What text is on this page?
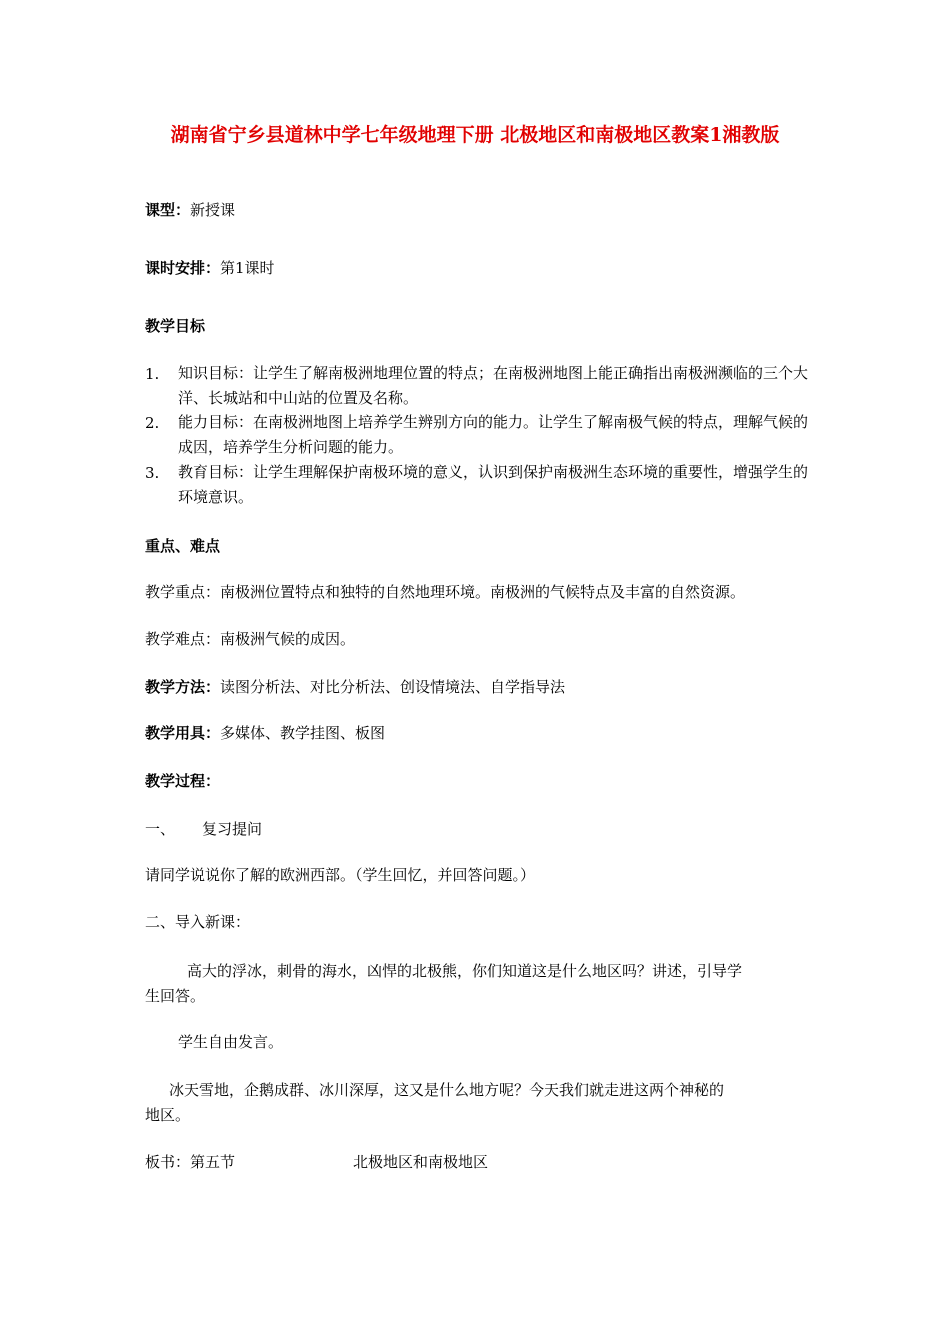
湖南省宁乡县道林中学七年级地理下册 北极地区和南极地区教案1湘教版
课型：新授课
课时安排：第1课时
教学目标
1. 知识目标：让学生了解南极洲地理位置的特点；在南极洲地图上能正确指出南极洲濒临的三个大洋、长城站和中山站的位置及名称。
2. 能力目标：在南极洲地图上培养学生辨别方向的能力。让学生了解南极气候的特点，理解气候的成因，培养学生分析问题的能力。
3. 教育目标：让学生理解保护南极环境的意义，认识到保护南极洲生态环境的重要性，增强学生的环境意识。
重点、难点
教学重点：南极洲位置特点和独特的自然地理环境。南极洲的气候特点及丰富的自然资源。
教学难点：南极洲气候的成因。
教学方法：读图分析法、对比分析法、创设情境法、自学指导法
教学用具：多媒体、教学挂图、板图
教学过程：
一、 复习提问
请同学说说你了解的欧洲西部。（学生回忆，并回答问题。）
二、导入新课：
高大的浮冰，刺骨的海水，凶悍的北极熊，你们知道这是什么地区吗？讲述，引导学
生回答。
学生自由发言。
冰天雪地，企鹅成群、冰川深厚，这又是什么地方呢？今天我们就走进这两个神秘的
地区。
板书：第五节	北极地区和南极地区
